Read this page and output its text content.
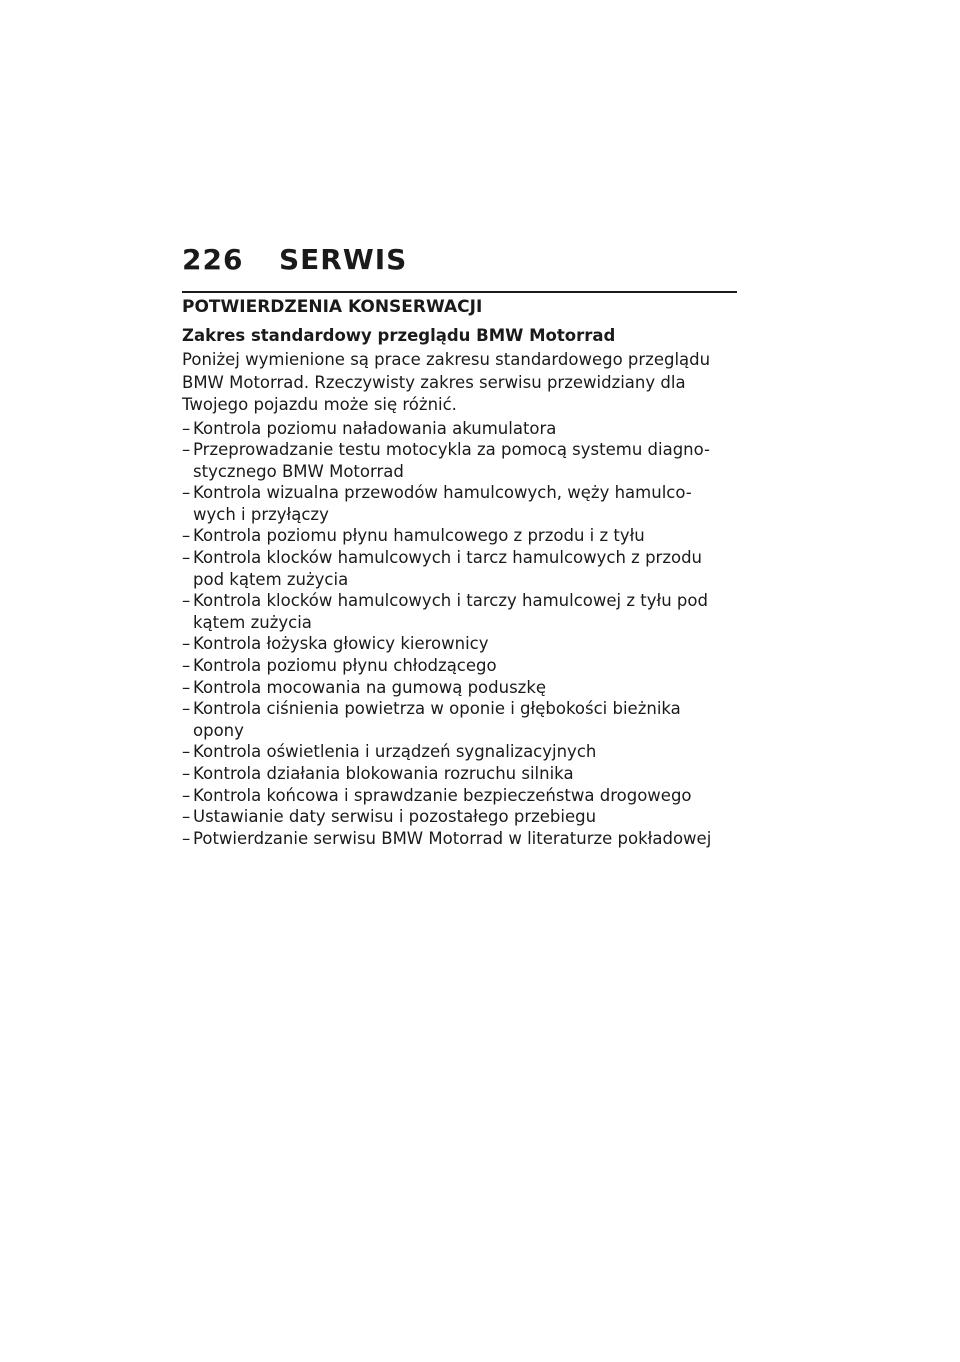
226	SERWIS
POTWIERDZENIA KONSERWACJI
Zakres standardowy przeglądu BMW Motorrad
Poniżej wymienione są prace zakresu standardowego przeglądu
BMW Motorrad. Rzeczywisty zakres serwisu przewidziany dla
Twojego pojazdu może się różnić.
– Kontrola poziomu naładowania akumulatora
– Przeprowadzanie testu motocykla za pomocą systemu diagno-
stycznego BMW Motorrad
– Kontrola wizualna przewodów hamulcowych, węży hamulco-
wych i przyłączy
– Kontrola poziomu płynu hamulcowego z przodu i z tyłu
– Kontrola klocków hamulcowych i tarcz hamulcowych z przodu
pod kątem zużycia
– Kontrola klocków hamulcowych i tarczy hamulcowej z tyłu pod
kątem zużycia
– Kontrola łożyska głowicy kierownicy
– Kontrola poziomu płynu chłodzącego
– Kontrola mocowania na gumową poduszkę
– Kontrola ciśnienia powietrza w oponie i głębokości bieżnika
opony
– Kontrola oświetlenia i urządzeń sygnalizacyjnych
– Kontrola działania blokowania rozruchu silnika
– Kontrola końcowa i sprawdzanie bezpieczeństwa drogowego
– Ustawianie daty serwisu i pozostałego przebiegu
– Potwierdzanie serwisu BMW Motorrad w literaturze pokładowej
